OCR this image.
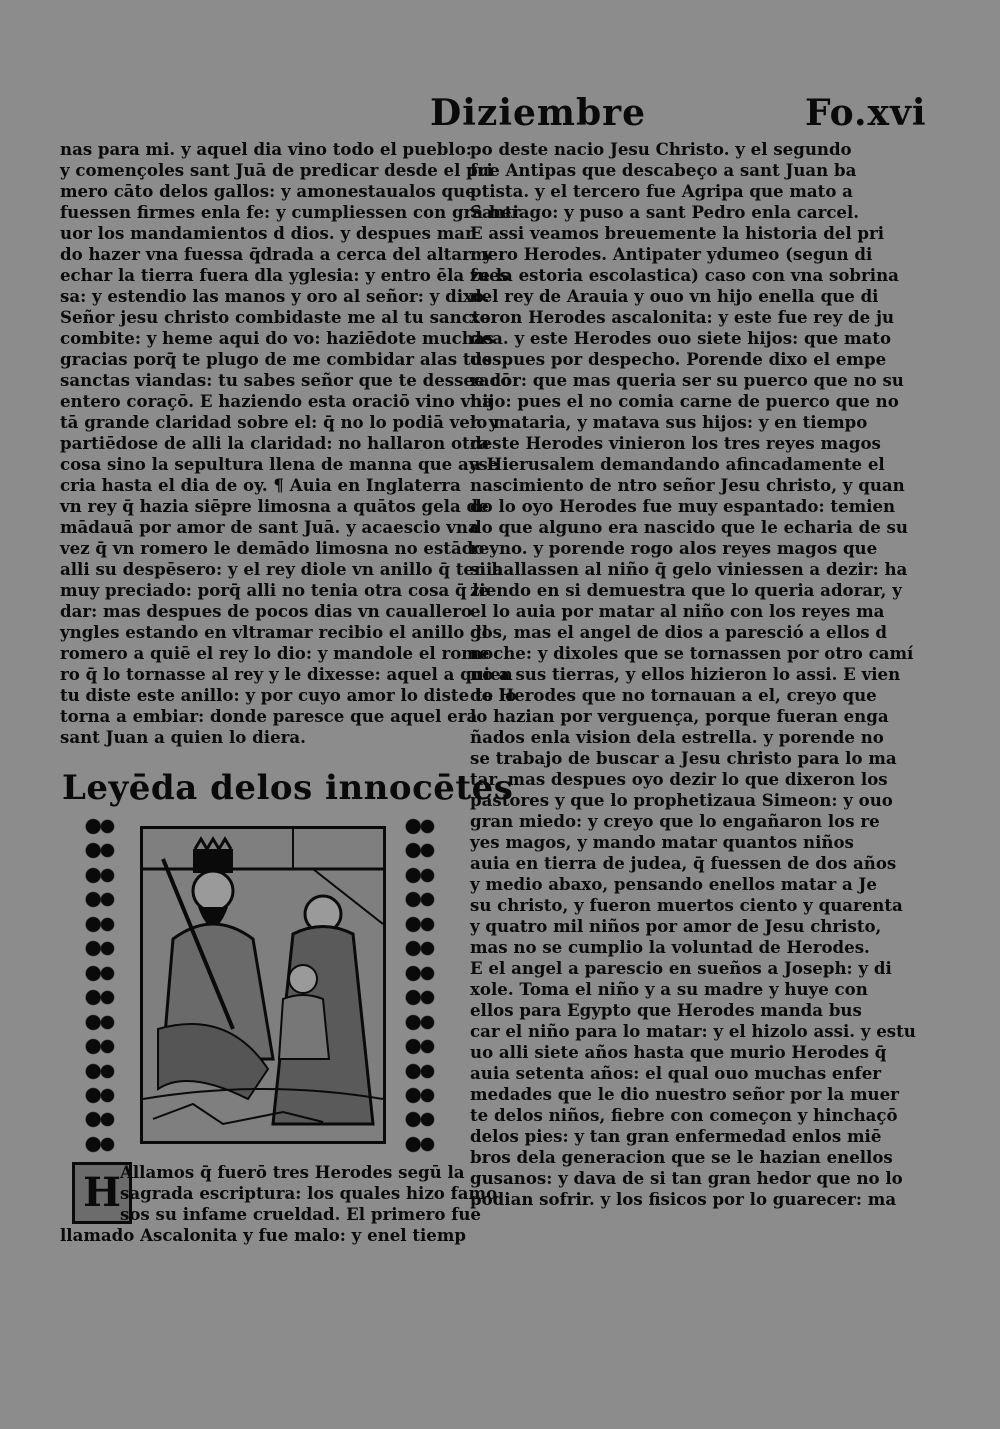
Diziembre	Fo.xvi
nas para mi. y aquel dia vino todo el pueblo:
y començoles sant Juā de predicar desde el pri
mero cāto delos gallos: y amonestaualos que
fuessen firmes enla fe: y cumpliessen con grā her
uor los mandamientos d dios. y despues man
do hazer vna fuessa q̄drada a cerca del altar: y
echar la tierra fuera dla yglesia: y entro ēla fues
sa: y estendio las manos y oro al señor: y dixo.
Señor jesu christo combidaste me al tu sancto
combite: y heme aqui do vo: haziēdote muchas
gracias porq̄ te plugo de me combidar alas tus
sanctas viandas: tu sabes señor que te dessee cō
entero coraçō. E haziendo esta oraciō vino vna
tā grande claridad sobre el: q̄ no lo podiā ver. y
partiēdose de alli la claridad: no hallaron otra
cosa sino la sepultura llena de manna que ayse
cria hasta el dia de oy. ¶ Auia en Inglaterra
vn rey q̄ hazia siēpre limosna a quātos gela de
mādauā por amor de sant Juā. y acaescio vna
vez q̄ vn romero le demādo limosna no estādo
alli su despēsero: y el rey diole vn anillo q̄ tenia
muy preciado: porq̄ alli no tenia otra cosa q̄ le
dar: mas despues de pocos dias vn cauallero
yngles estando en vltramar recibio el anillo dl
romero a quiē el rey lo dio: y mandole el rome
ro q̄ lo tornasse al rey y le dixesse: aquel a quien
tu diste este anillo: y por cuyo amor lo diste te lo
torna a embiar: donde paresce que aquel era
sant Juan a quien lo diera.
Leyēda delos innocētes
H Allamos q̄ fuerō tres Herodes segū la
sagrada escriptura: los quales hizo famo
sos su infame crueldad. El primero fue
llamado Ascalonita y fue malo: y enel tiemp
po deste nacio Jesu Christo. y el segundo
fue Antipas que descabeço a sant Juan ba
ptista. y el tercero fue Agripa que mato a
Santiago: y puso a sant Pedro enla carcel.
E assi veamos breuemente la historia del pri
mero Herodes. Antipater ydumeo (segun di
ze la estoria escolastica) caso con vna sobrina
del rey de Arauia y ouo vn hijo enella que di
xeron Herodes ascalonita: y este fue rey de ju
dea. y este Herodes ouo siete hijos: que mato
despues por despecho. Porende dixo el empe
rador: que mas queria ser su puerco que no su
hijo: pues el no comia carne de puerco que no
lo mataria, y matava sus hijos: y en tiempo
deste Herodes vinieron los tres reyes magos
a Hierusalem demandando afincadamente el
nascimiento de ntro señor Jesu christo, y quan
do lo oyo Herodes fue muy espantado: temien
do que alguno era nascido que le echaria de su
reyno. y porende rogo alos reyes magos que
si hallassen al niño q̄ gelo viniessen a dezir: ha
ziendo en si demuestra que lo queria adorar, y
el lo auia por matar al niño con los reyes ma
gos, mas el angel de dios a paresció a ellos d
noche: y dixoles que se tornassen por otro camí
no a sus tierras, y ellos hizieron lo assi. E vien
do Herodes que no tornauan a el, creyo que
lo hazian por verguença, porque fueran enga
ñados enla vision dela estrella. y porende no
se trabajo de buscar a Jesu christo para lo ma
tar, mas despues oyo dezir lo que dixeron los
pastores y que lo prophetizaua Simeon: y ouo
gran miedo: y creyo que lo engañaron los re
yes magos, y mando matar quantos niños
auia en tierra de judea, q̄ fuessen de dos años
y medio abaxo, pensando enellos matar a Je
su christo, y fueron muertos ciento y quarenta
y quatro mil niños por amor de Jesu christo,
mas no se cumplio la voluntad de Herodes.
E el angel a parescio en sueños a Joseph: y di
xole. Toma el niño y a su madre y huye con
ellos para Egypto que Herodes manda bus
car el niño para lo matar: y el hizolo assi. y estu
uo alli siete años hasta que murio Herodes q̄
auia setenta años: el qual ouo muchas enfer
medades que le dio nuestro señor por la muer
te delos niños, fiebre con começon y hinchaçō
delos pies: y tan gran enfermedad enlos miē
bros dela generacion que se le hazian enellos
gusanos: y dava de si tan gran hedor que no lo
podian sofrir. y los fisicos por lo guarecer: ma
